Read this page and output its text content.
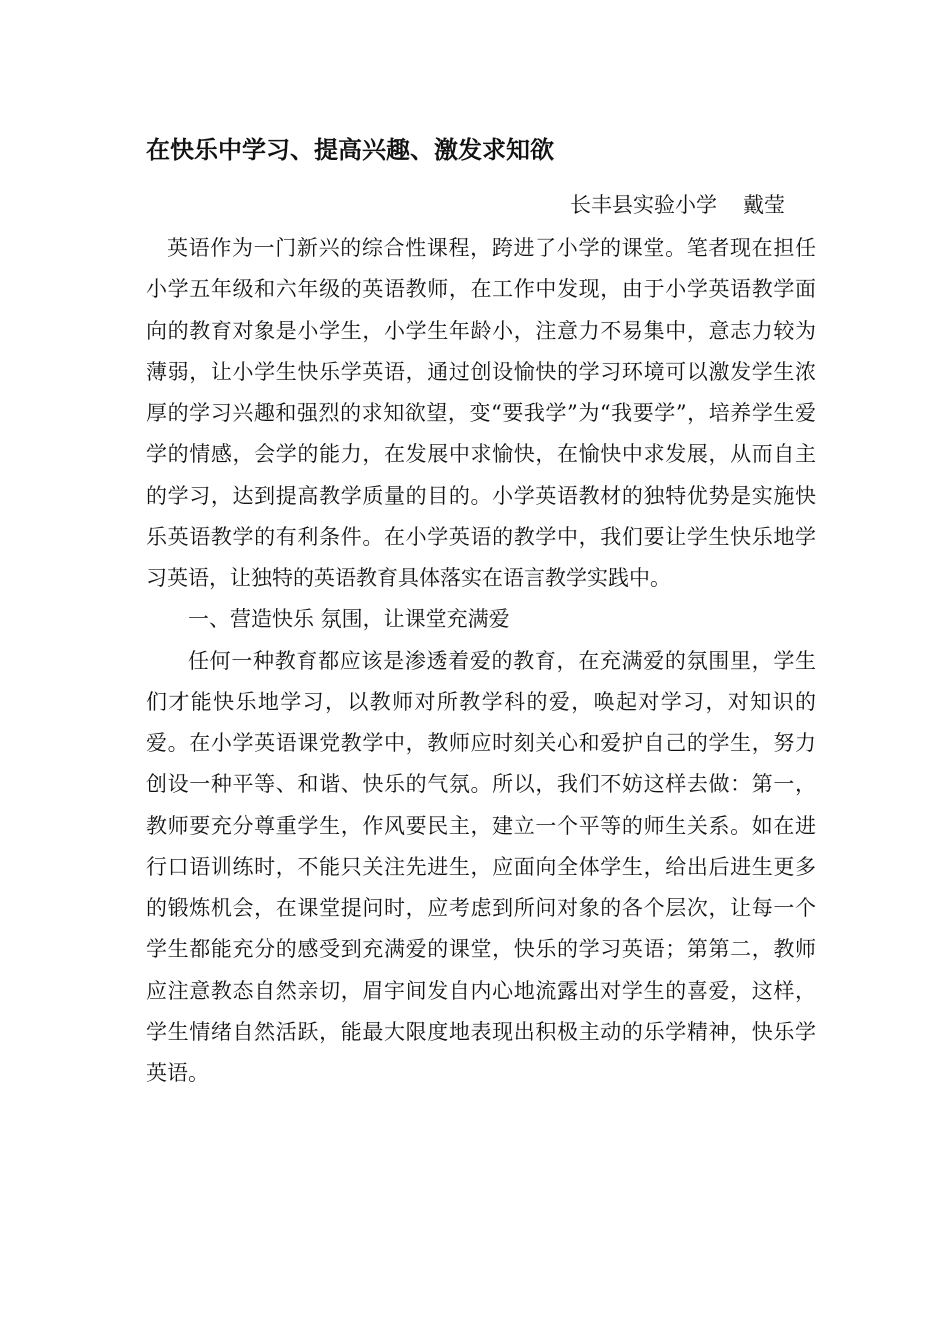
在快乐中学习、提高兴趣、激发求知欲
长丰县实验小学 戴莹

英语作为一门新兴的综合性课程，跨进了小学的课堂。笔者现在担任小学五年级和六年级的英语教师，在工作中发现，由于小学英语教学面向的教育对象是小学生，小学生年龄小，注意力不易集中，意志力较为薄弱，让小学生快乐学英语，通过创设愉快的学习环境可以激发学生浓厚的学习兴趣和强烈的求知欲望，变“要我学”为“我要学”，培养学生爱学的情感，会学的能力，在发展中求愉快，在愉快中求发展，从而自主的学习，达到提高教学质量的目的。小学英语教材的独特优势是实施快乐英语教学的有利条件。在小学英语的教学中，我们要让学生快乐地学习英语，让独特的英语教育具体落实在语言教学实践中。

一、营造快乐 氛围，让课堂充满爱

任何一种教育都应该是渗透着爱的教育，在充满爱的氛围里，学生们才能快乐地学习，以教师对所教学科的爱，唤起对学习，对知识的爱。在小学英语课党教学中，教师应时刻关心和爱护自己的学生，努力创设一种平等、和谐、快乐的气氛。所以，我们不妨这样去做：第一，教师要充分尊重学生，作风要民主，建立一个平等的师生关系。如在进行口语训练时，不能只关注先进生，应面向全体学生，给出后进生更多的锻炼机会，在课堂提问时，应考虑到所问对象的各个层次，让每一个学生都能充分的感受到充满爱的课堂，快乐的学习英语；第第二，教师应注意教态自然亲切，眉宇间发自内心地流露出对学生的喜爱，这样，学生情绪自然活跃，能最大限度地表现出积极主动的乐学精神，快乐学英语。
